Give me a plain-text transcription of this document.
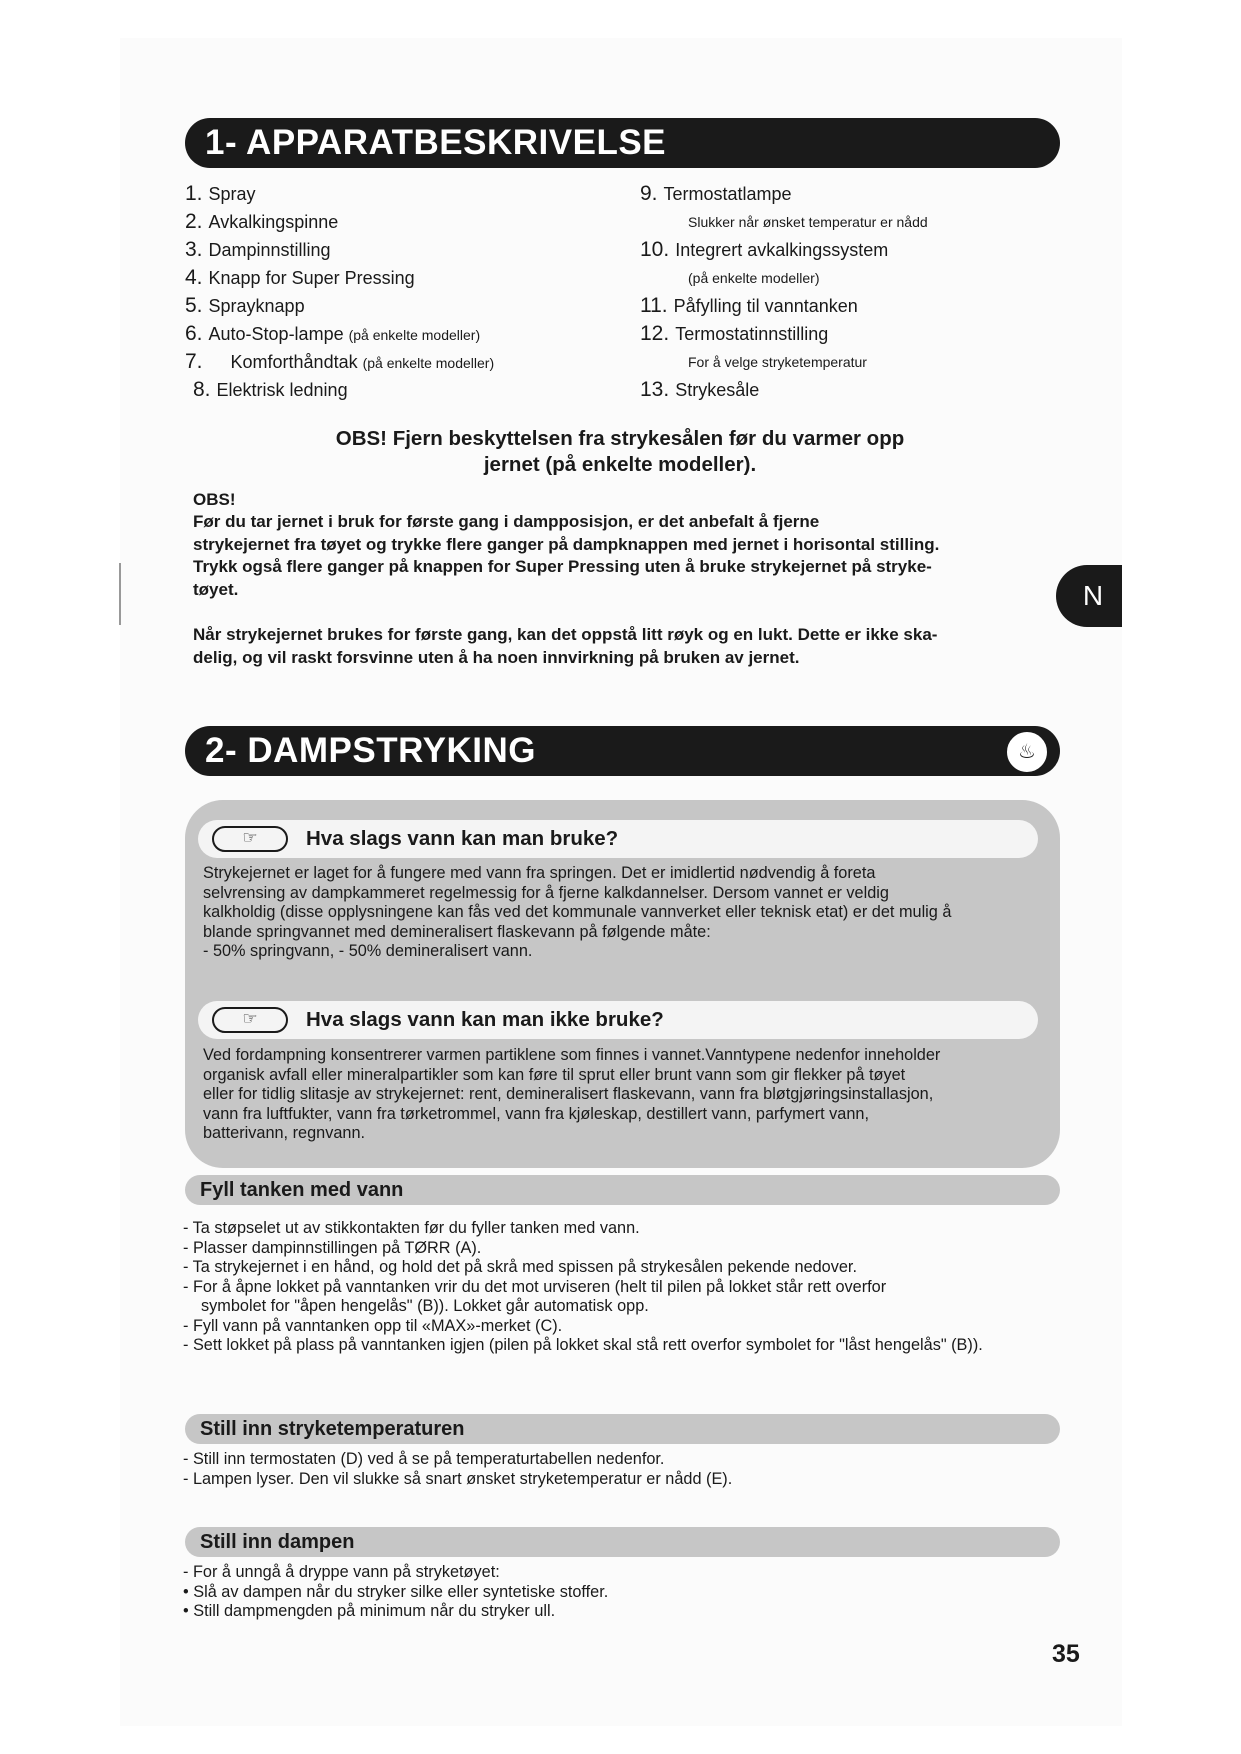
1- APPARATBESKRIVELSE
1. Spray
2. Avkalkingspinne
3. Dampinnstilling
4. Knapp for Super Pressing
5. Sprayknapp
6. Auto-Stop-lampe (på enkelte modeller)
7. Komforthåndtak (på enkelte modeller)
8. Elektrisk ledning
9. Termostatlampe
Slukker når ønsket temperatur er nådd
10. Integrert avkalkingssystem
(på enkelte modeller)
11. Påfylling til vanntanken
12. Termostatinnstilling
For å velge stryketemperatur
13. Strykesåle
OBS! Fjern beskyttelsen fra strykesålen før du varmer opp
jernet (på enkelte modeller).
OBS!
Før du tar jernet i bruk for første gang i dampposisjon, er det anbefalt å fjerne
strykejernet fra tøyet og trykke flere ganger på dampknappen med jernet i horisontal stilling.
Trykk også flere ganger på knappen for Super Pressing uten å bruke strykejernet på stryke-
tøyet.
Når strykejernet brukes for første gang, kan det oppstå litt røyk og en lukt. Dette er ikke ska-
delig, og vil raskt forsvinne uten å ha noen innvirkning på bruken av jernet.
N
2- DAMPSTRYKING	♨
☞	Hva slags vann kan man bruke?
Strykejernet er laget for å fungere med vann fra springen. Det er imidlertid nødvendig å foreta
selvrensing av dampkammeret regelmessig for å fjerne kalkdannelser. Dersom vannet er veldig
kalkholdig (disse opplysningene kan fås ved det kommunale vannverket eller teknisk etat) er det mulig å
blande springvannet med demineralisert flaskevann på følgende måte:
- 50% springvann, - 50% demineralisert vann.
☞	Hva slags vann kan man ikke bruke?
Ved fordampning konsentrerer varmen partiklene som finnes i vannet.Vanntypene nedenfor inneholder
organisk avfall eller mineralpartikler som kan føre til sprut eller brunt vann som gir flekker på tøyet
eller for tidlig slitasje av strykejernet: rent, demineralisert flaskevann, vann fra bløtgjøringsinstallasjon,
vann fra luftfukter, vann fra tørketrommel, vann fra kjøleskap, destillert vann, parfymert vann,
batterivann, regnvann.
Fyll tanken med vann
- Ta støpselet ut av stikkontakten før du fyller tanken med vann.
- Plasser dampinnstillingen på TØRR (A).
- Ta strykejernet i en hånd, og hold det på skrå med spissen på strykesålen pekende nedover.
- For å åpne lokket på vanntanken vrir du det mot urviseren (helt til pilen på lokket står rett overfor
symbolet for "åpen hengelås" (B)). Lokket går automatisk opp.
- Fyll vann på vanntanken opp til «MAX»-merket (C).
- Sett lokket på plass på vanntanken igjen (pilen på lokket skal stå rett overfor symbolet for "låst hengelås" (B)).
Still inn stryketemperaturen
- Still inn termostaten (D) ved å se på temperaturtabellen nedenfor.
- Lampen lyser. Den vil slukke så snart ønsket stryketemperatur er nådd (E).
Still inn dampen
- For å unngå å dryppe vann på stryketøyet:
• Slå av dampen når du stryker silke eller syntetiske stoffer.
• Still dampmengden på minimum når du stryker ull.
35
